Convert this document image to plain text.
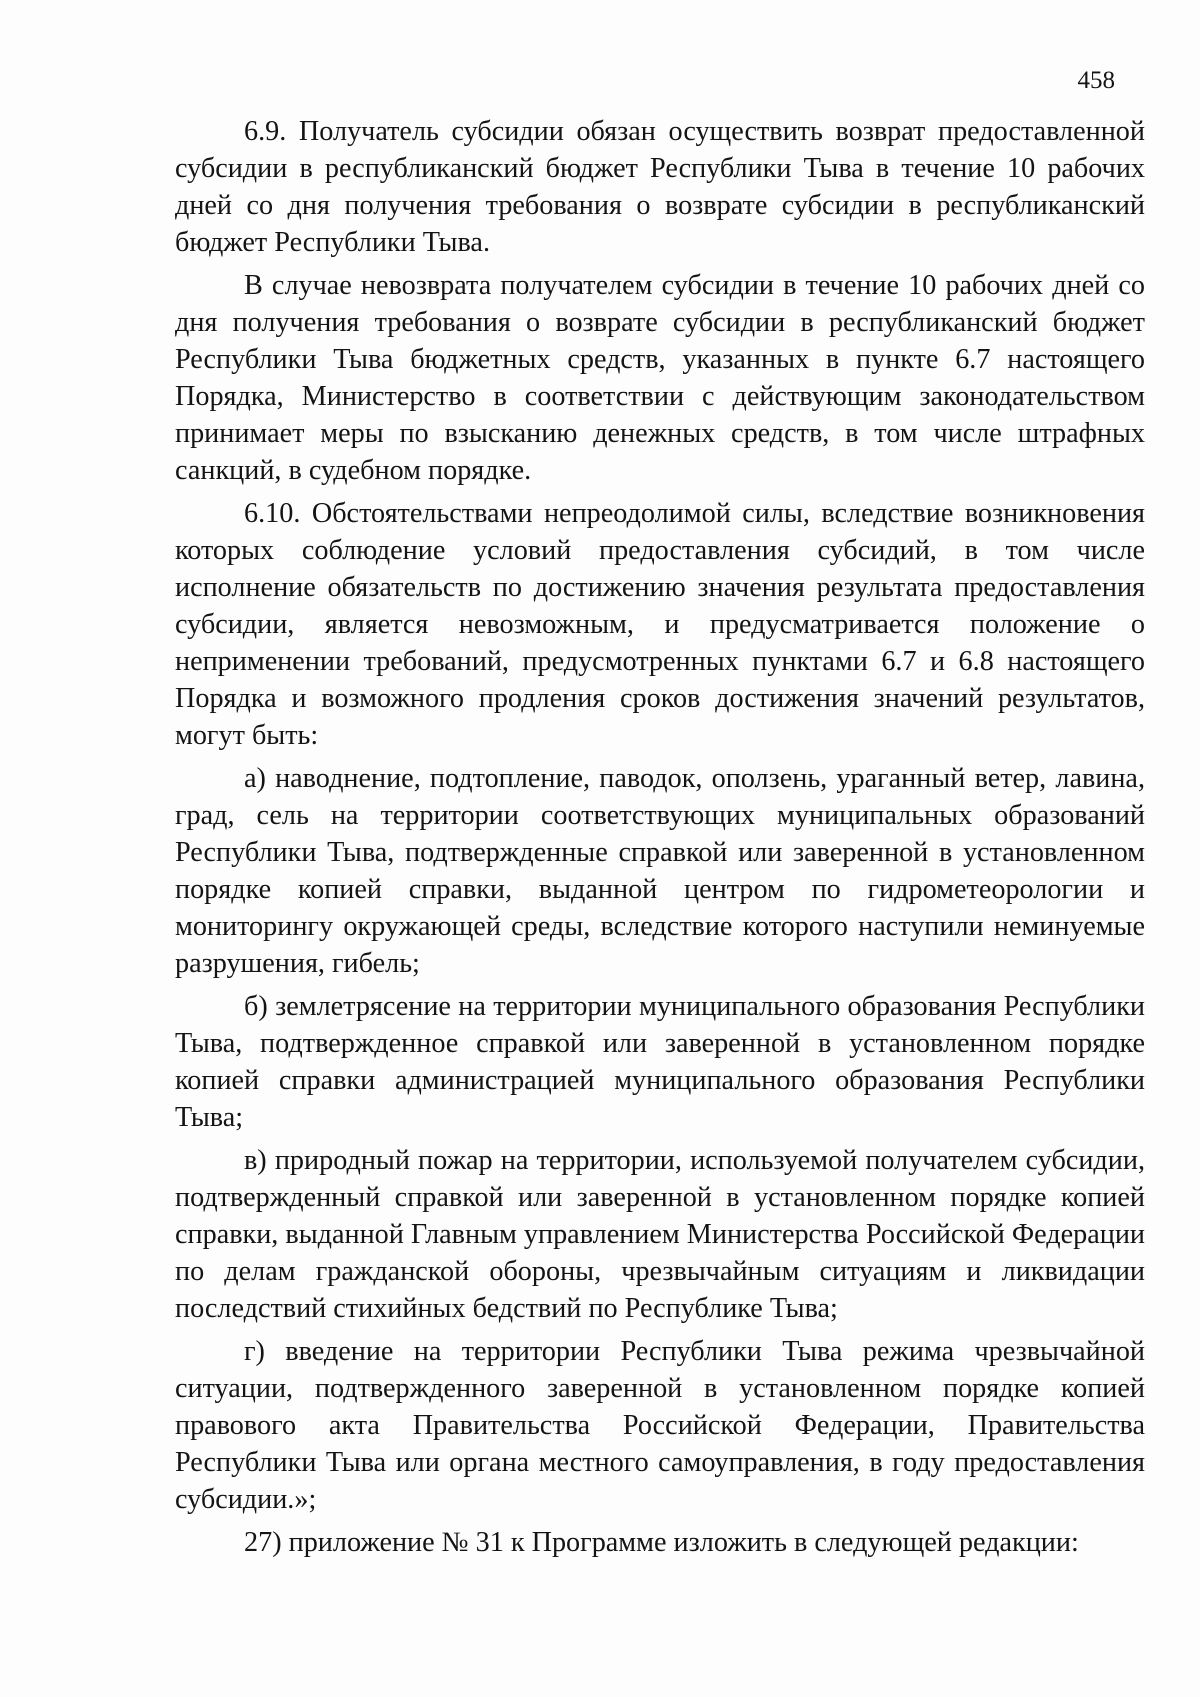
458

6.9. Получатель субсидии обязан осуществить возврат предоставленной субсидии в республиканский бюджет Республики Тыва в течение 10 рабочих дней со дня получения требования о возврате субсидии в республиканский бюджет Республики Тыва.

В случае невозврата получателем субсидии в течение 10 рабочих дней со дня получения требования о возврате субсидии в республиканский бюджет Республики Тыва бюджетных средств, указанных в пункте 6.7 настоящего Порядка, Министерство в соответствии с действующим законодательством принимает меры по взысканию денежных средств, в том числе штрафных санкций, в судебном порядке.

6.10. Обстоятельствами непреодолимой силы, вследствие возникновения которых соблюдение условий предоставления субсидий, в том числе исполнение обязательств по достижению значения результата предоставления субсидии, является невозможным, и предусматривается положение о неприменении требований, предусмотренных пунктами 6.7 и 6.8 настоящего Порядка и возможного продления сроков достижения значений результатов, могут быть:

а) наводнение, подтопление, паводок, оползень, ураганный ветер, лавина, град, сель на территории соответствующих муниципальных образований Республики Тыва, подтвержденные справкой или заверенной в установленном порядке копией справки, выданной центром по гидрометеорологии и мониторингу окружающей среды, вследствие которого наступили неминуемые разрушения, гибель;

б) землетрясение на территории муниципального образования Республики Тыва, подтвержденное справкой или заверенной в установленном порядке копией справки администрацией муниципального образования Республики Тыва;

в) природный пожар на территории, используемой получателем субсидии, подтвержденный справкой или заверенной в установленном порядке копией справки, выданной Главным управлением Министерства Российской Федерации по делам гражданской обороны, чрезвычайным ситуациям и ликвидации последствий стихийных бедствий по Республике Тыва;

г) введение на территории Республики Тыва режима чрезвычайной ситуации, подтвержденного заверенной в установленном порядке копией правового акта Правительства Российской Федерации, Правительства Республики Тыва или органа местного самоуправления, в году предоставления субсидии.»;

27) приложение № 31 к Программе изложить в следующей редакции:
